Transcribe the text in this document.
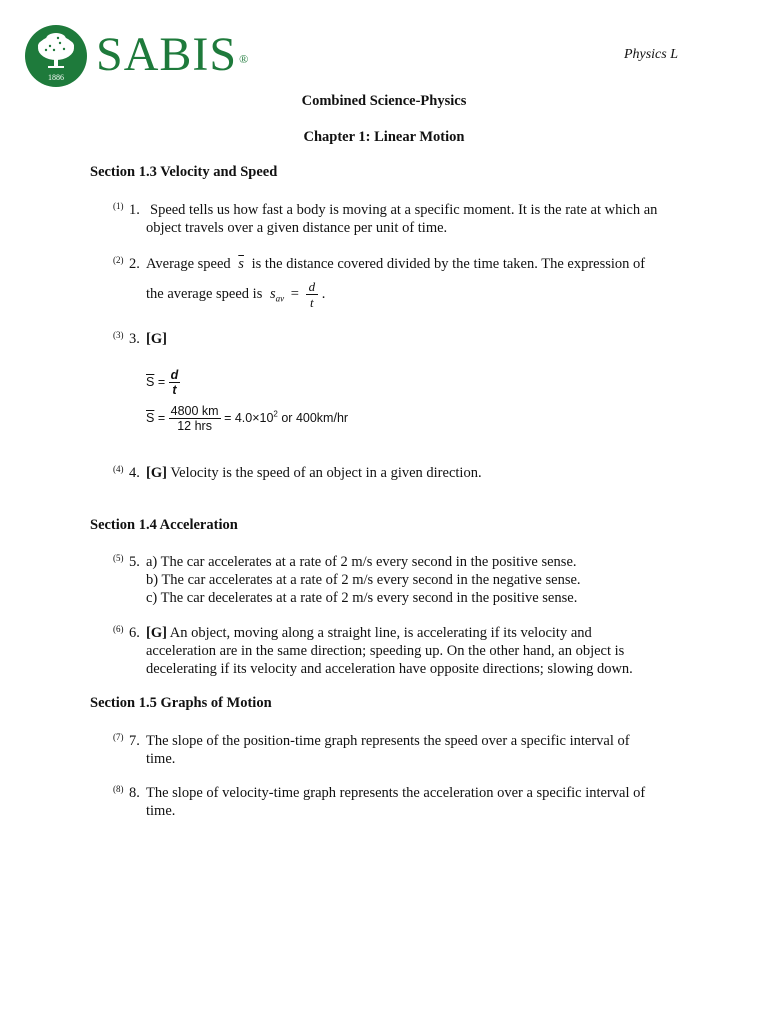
1886 SABIS ®	Physics L
Combined Science-Physics
Chapter 1: Linear Motion
Section 1.3 Velocity and Speed
(1) 1. Speed tells us how fast a body is moving at a specific moment. It is the rate at which an
object travels over a given distance per unit of time.
(2) 2. Average speed $\overline{s}$ is the distance covered divided by the time taken. The expression of
the average speed is $s_{av} = \frac{d}{t}$ .
(3) 3. [G]
$\overline{S} = \frac{d}{t}$
$\overline{S} = 4800$ km
12 hrs
= $4.0\times 10^2$ or 400km/hr
(4) 4. [G] Velocity is the speed of an object in a given direction.
Section 1.4 Acceleration
(5) 5. a) The car accelerates at a rate of 2 m/s every second in the positive sense.
b) The car accelerates at a rate of 2 m/s every second in the negative sense.
c) The car decelerates at a rate of 2 m/s every second in the positive sense.
(6) 6. [G] An object, moving along a straight line, is accelerating if its velocity and
acceleration are in the same direction; speeding up. On the other hand, an object is
decelerating if its velocity and acceleration have opposite directions; slowing down.
Section 1.5 Graphs of Motion
(7) 7. The slope of the position-time graph represents the speed over a specific interval of
time.
(8) 8. The slope of velocity-time graph represents the acceleration over a specific interval of
time.
